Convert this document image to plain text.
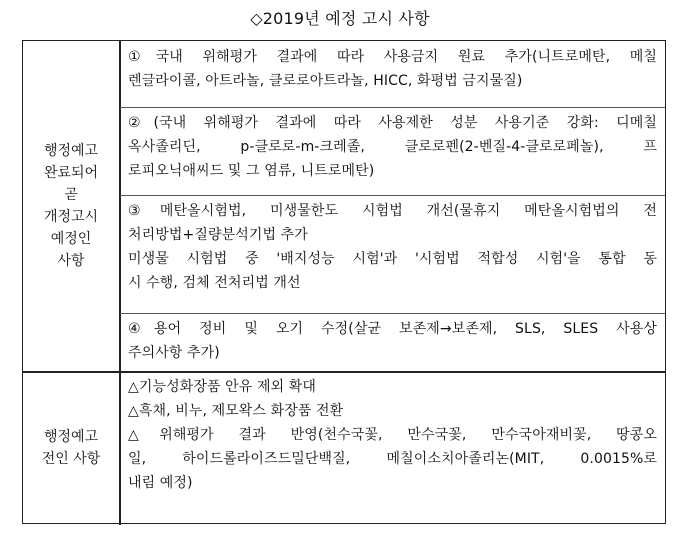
◇2019년 예정 고시 사항
행정예고
완료되어
곧
개정고시
예정인
사항
①국내 위해평가 결과에 따라 사용금지 원료 추가(니트로메탄, 메칠
렌글라이콜, 아트라놀, 클로로아트라놀, HICC, 화평법 금지물질)
②(국내 위해평가 결과에 따라 사용제한 성분 사용기준 강화: 디메칠
옥사졸리딘, p-클로로-m-크레졸, 클로로펜(2-벤질-4-클로로페놀), 프
로피오닉애씨드 및 그 염류, 니트로메탄)
③메탄올시험법, 미생물한도 시험법 개선(물휴지 메탄올시험법의 전
처리방법+질량분석기법 추가
미생물 시험법 중 '배지성능 시험'과 '시험법 적합성 시험'을 통합 동
시 수행, 검체 전처리법 개선
④용어 정비 및 오기 수정(살균 보존제→보존제, SLS, SLES 사용상
주의사항 추가)
행정예고
전인 사항
△기능성화장품 안유 제외 확대
△흑채, 비누, 제모왁스 화장품 전환
△위해평가 결과 반영(천수국꽃, 만수국꽃, 만수국아재비꽃, 땅콩오
일, 하이드롤라이즈드밀단백질, 메칠이소치아졸리논(MIT, 0.0015%로
내림 예정)
